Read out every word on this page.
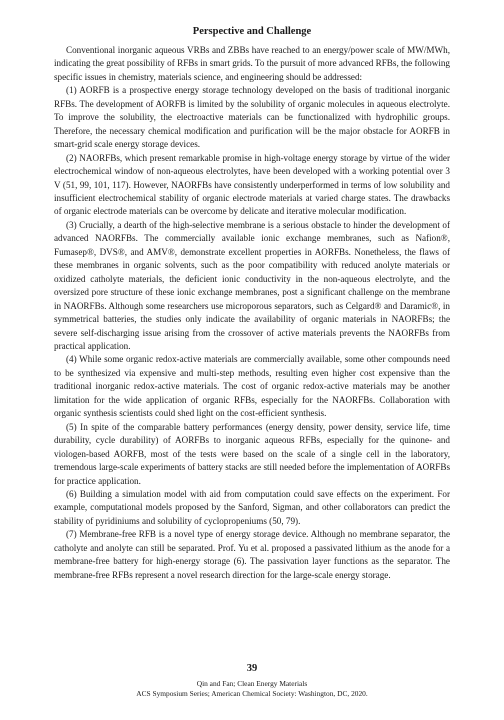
Perspective and Challenge

Conventional inorganic aqueous VRBs and ZBBs have reached to an energy/power scale of MW/MWh, indicating the great possibility of RFBs in smart grids. To the pursuit of more advanced RFBs, the following specific issues in chemistry, materials science, and engineering should be addressed:

(1) AORFB is a prospective energy storage technology developed on the basis of traditional inorganic RFBs. The development of AORFB is limited by the solubility of organic molecules in aqueous electrolyte. To improve the solubility, the electroactive materials can be functionalized with hydrophilic groups. Therefore, the necessary chemical modification and purification will be the major obstacle for AORFB in smart-grid scale energy storage devices.

(2) NAORFBs, which present remarkable promise in high-voltage energy storage by virtue of the wider electrochemical window of non-aqueous electrolytes, have been developed with a working potential over 3 V (51, 99, 101, 117). However, NAORFBs have consistently underperformed in terms of low solubility and insufficient electrochemical stability of organic electrode materials at varied charge states. The drawbacks of organic electrode materials can be overcome by delicate and iterative molecular modification.

(3) Crucially, a dearth of the high-selective membrane is a serious obstacle to hinder the development of advanced NAORFBs. The commercially available ionic exchange membranes, such as Nafion®, Fumasep®, DVS®, and AMV®, demonstrate excellent properties in AORFBs. Nonetheless, the flaws of these membranes in organic solvents, such as the poor compatibility with reduced anolyte materials or oxidized catholyte materials, the deficient ionic conductivity in the non-aqueous electrolyte, and the oversized pore structure of these ionic exchange membranes, post a significant challenge on the membrane in NAORFBs. Although some researchers use microporous separators, such as Celgard® and Daramic®, in symmetrical batteries, the studies only indicate the availability of organic materials in NAORFBs; the severe self-discharging issue arising from the crossover of active materials prevents the NAORFBs from practical application.

(4) While some organic redox-active materials are commercially available, some other compounds need to be synthesized via expensive and multi-step methods, resulting even higher cost expensive than the traditional inorganic redox-active materials. The cost of organic redox-active materials may be another limitation for the wide application of organic RFBs, especially for the NAORFBs. Collaboration with organic synthesis scientists could shed light on the cost-efficient synthesis.

(5) In spite of the comparable battery performances (energy density, power density, service life, time durability, cycle durability) of AORFBs to inorganic aqueous RFBs, especially for the quinone- and viologen-based AORFB, most of the tests were based on the scale of a single cell in the laboratory, tremendous large-scale experiments of battery stacks are still needed before the implementation of AORFBs for practice application.

(6) Building a simulation model with aid from computation could save effects on the experiment. For example, computational models proposed by the Sanford, Sigman, and other collaborators can predict the stability of pyridiniums and solubility of cyclopropeniums (50, 79).

(7) Membrane-free RFB is a novel type of energy storage device. Although no membrane separator, the catholyte and anolyte can still be separated. Prof. Yu et al. proposed a passivated lithium as the anode for a membrane-free battery for high-energy storage (6). The passivation layer functions as the separator. The membrane-free RFBs represent a novel research direction for the large-scale energy storage.

39
Qin and Fan; Clean Energy Materials
ACS Symposium Series; American Chemical Society: Washington, DC, 2020.
